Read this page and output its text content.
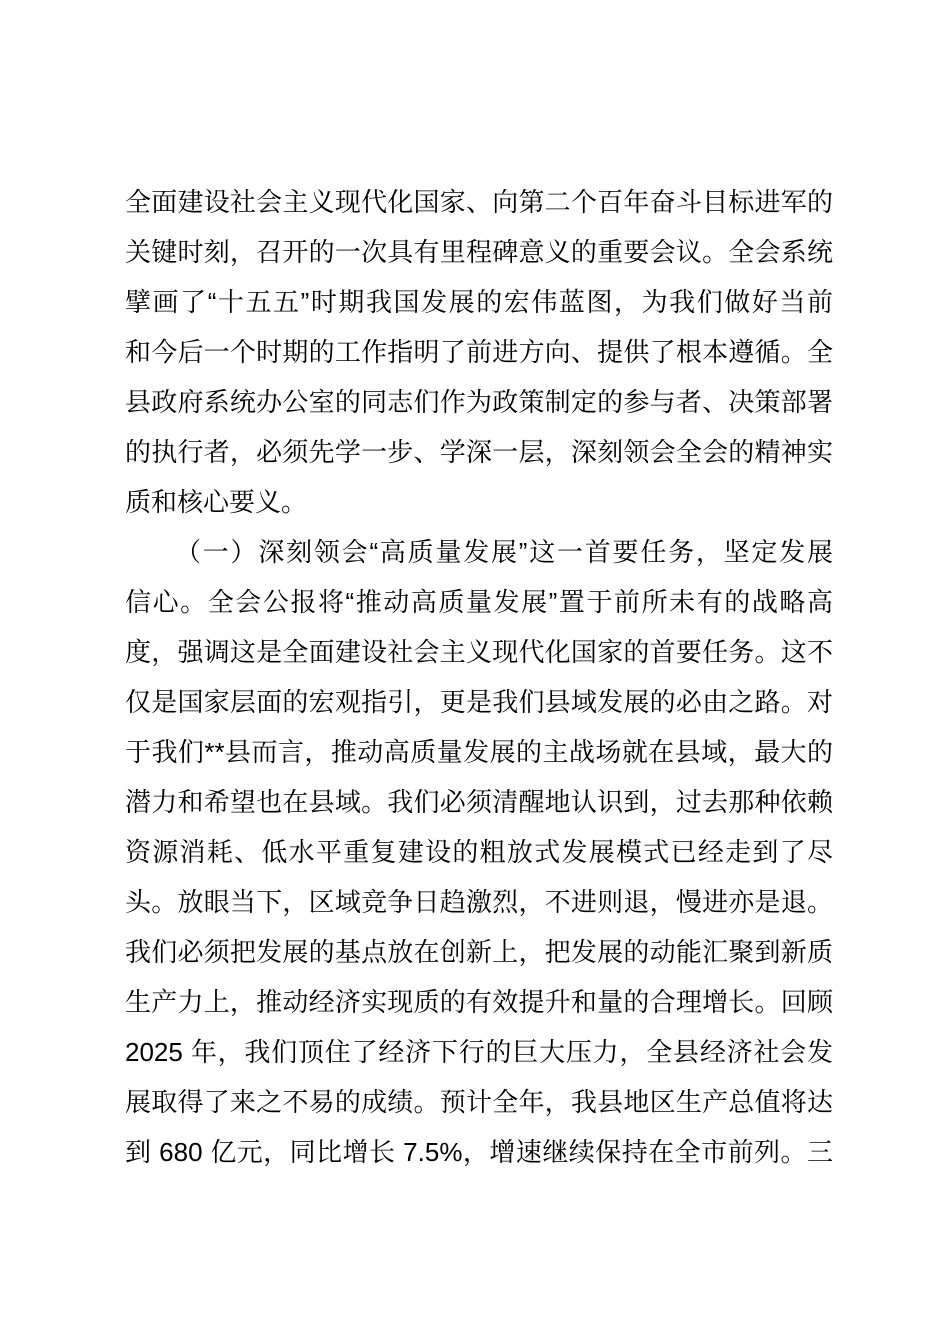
全面建设社会主义现代化国家、向第二个百年奋斗目标进军的
关键时刻，召开的一次具有里程碑意义的重要会议。全会系统
擘画了“十五五”时期我国发展的宏伟蓝图，为我们做好当前
和今后一个时期的工作指明了前进方向、提供了根本遵循。全
县政府系统办公室的同志们作为政策制定的参与者、决策部署
的执行者，必须先学一步、学深一层，深刻领会全会的精神实
质和核心要义。
（一）深刻领会“高质量发展”这一首要任务，坚定发展
信心。全会公报将“推动高质量发展”置于前所未有的战略高
度，强调这是全面建设社会主义现代化国家的首要任务。这不
仅是国家层面的宏观指引，更是我们县域发展的必由之路。对
于我们**县而言，推动高质量发展的主战场就在县域，最大的
潜力和希望也在县域。我们必须清醒地认识到，过去那种依赖
资源消耗、低水平重复建设的粗放式发展模式已经走到了尽
头。放眼当下，区域竞争日趋激烈，不进则退，慢进亦是退。
我们必须把发展的基点放在创新上，把发展的动能汇聚到新质
生产力上，推动经济实现质的有效提升和量的合理增长。回顾
2025 年，我们顶住了经济下行的巨大压力，全县经济社会发
展取得了来之不易的成绩。预计全年，我县地区生产总值将达
到 680 亿元，同比增长 7.5%，增速继续保持在全市前列。三
